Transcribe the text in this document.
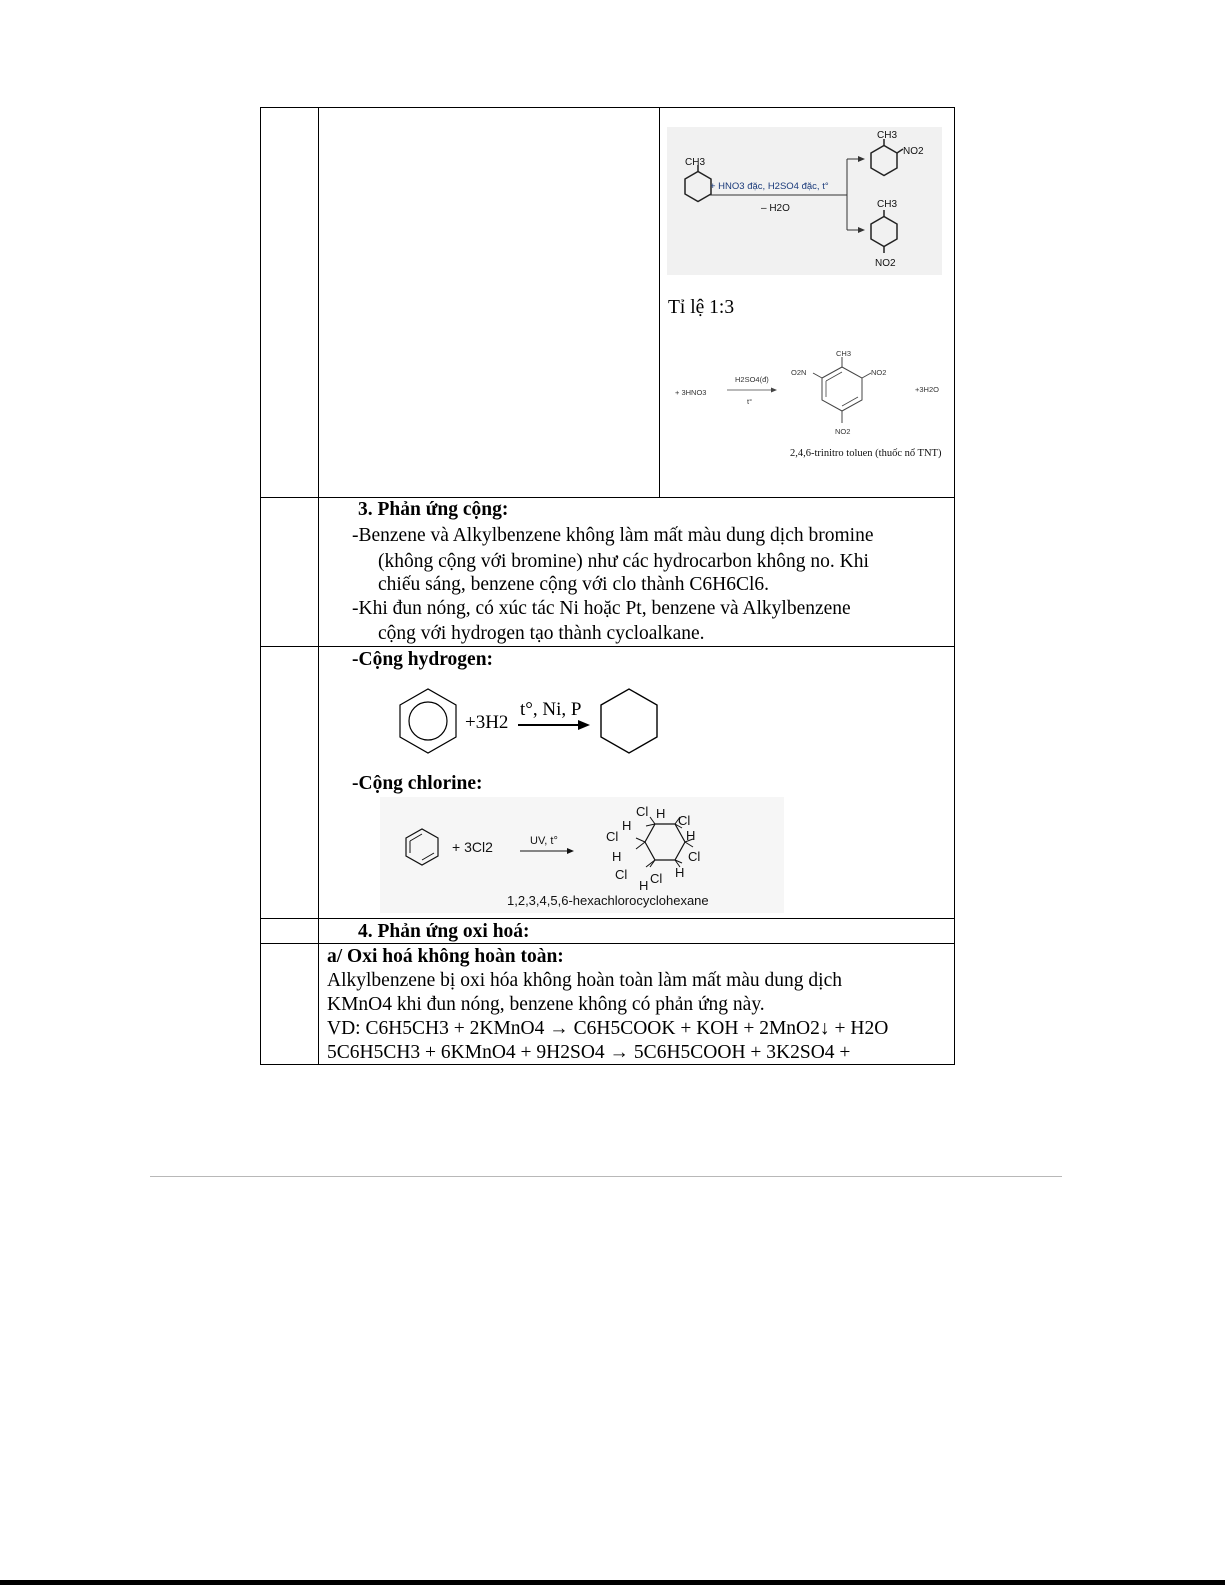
CH3
+ HNO3 đặc, H2SO4 đặc, t°
– H2O
CH3
NO2
CH3
NO2
Tỉ lệ 1:3
+ 3HNO3
H2SO4(đ)
t°
CH3
O2N	NO2
NO2
+3H2O
2,4,6-trinitro toluen (thuốc nổ TNT)
3. Phản ứng cộng:
-Benzene và Alkylbenzene không làm mất màu dung dịch bromine
(không cộng với bromine) như các hydrocarbon không no. Khi
chiếu sáng, benzene cộng với clo thành C6H6Cl6.
-Khi đun nóng, có xúc tác Ni hoặc Pt, benzene và Alkylbenzene
cộng với hydrogen tạo thành cycloalkane.
-Cộng hydrogen:
+3H2
t°, Ni, P
-Cộng chlorine:
+ 3Cl2	UV, t°
Cl
H
H Cl
Cl	H
H	Cl
Cl	H
H Cl
1,2,3,4,5,6-hexachlorocyclohexane
4. Phản ứng oxi hoá:
a/ Oxi hoá không hoàn toàn:
Alkylbenzene bị oxi hóa không hoàn toàn làm mất màu dung dịch
KMnO4 khi đun nóng, benzene không có phản ứng này.
VD: C6H5CH3 + 2KMnO4 → C6H5COOK + KOH + 2MnO2↓ + H2O
5C6H5CH3 + 6KMnO4 + 9H2SO4 → 5C6H5COOH + 3K2SO4 +
